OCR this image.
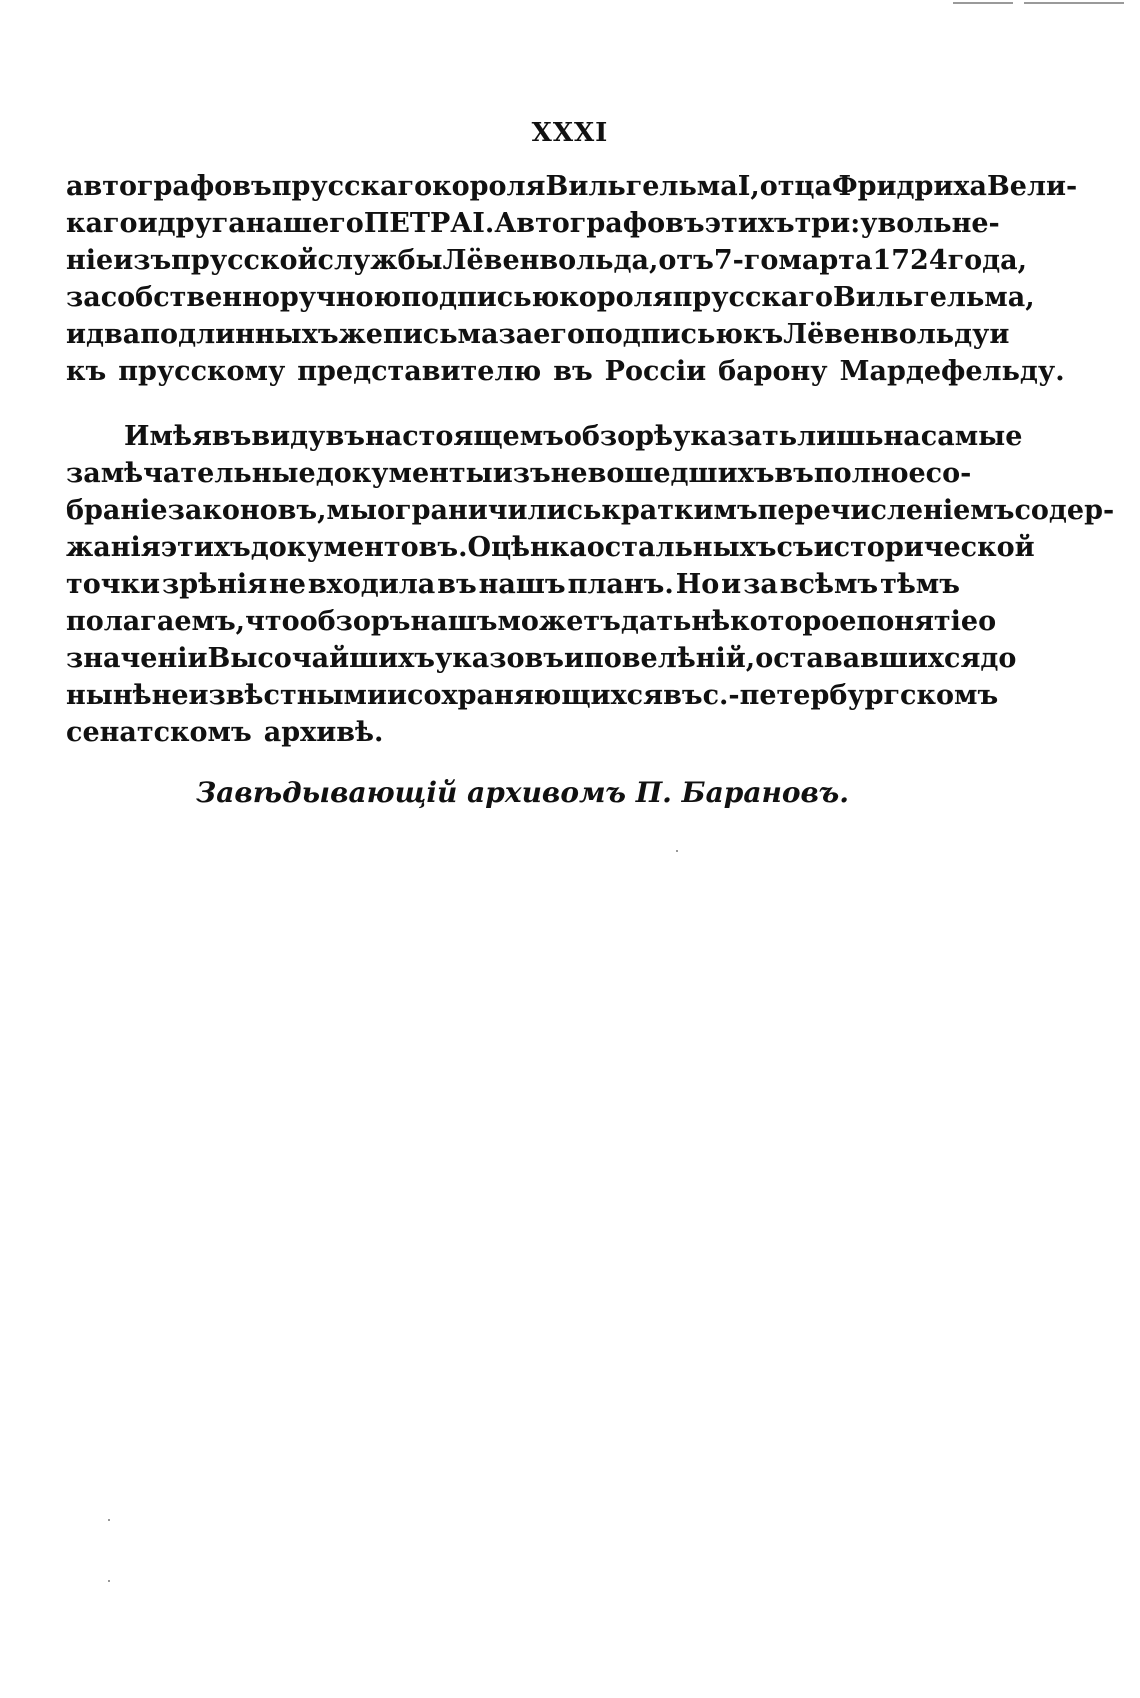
XXXI
автографовъ прусскаго короля Вильгельма I, отца Фридриха Вели-
каго и друга нашего ПЕТРА I. Автографовъ этихъ три: увольне-
ніе изъ прусской службы Лёвенвольда, отъ 7-го марта 1724 года,
за собственноручною подписью короля прусскаго Вильгельма,
и два подлинныхъ же письма за его подписью къ Лёвенвольду и
къ прусскому представителю въ Россіи барону Мардефельду.
Имѣя въ виду въ настоящемъ обзорѣ указать лишь на самые
замѣчательные документы изъ невошедшихъ въ полное со-
браніе законовъ, мы ограничились краткимъ перечисленіемъ содер-
жанія этихъ документовъ. Оцѣнка остальныхъ съ исторической
точки зрѣнія не входила въ нашъ планъ. Но и за всѣмъ тѣмъ
полагаемъ, что обзоръ нашъ можетъ дать нѣкоторое понятіе о
значеніи Высочайшихъ указовъ и повелѣній, остававшихся до
нынѣ неизвѣстными и сохраняющихся въ с.-петербургскомъ
сенатскомъ архивѣ.
Завѣдывающій архивомъ П. Барановъ.
